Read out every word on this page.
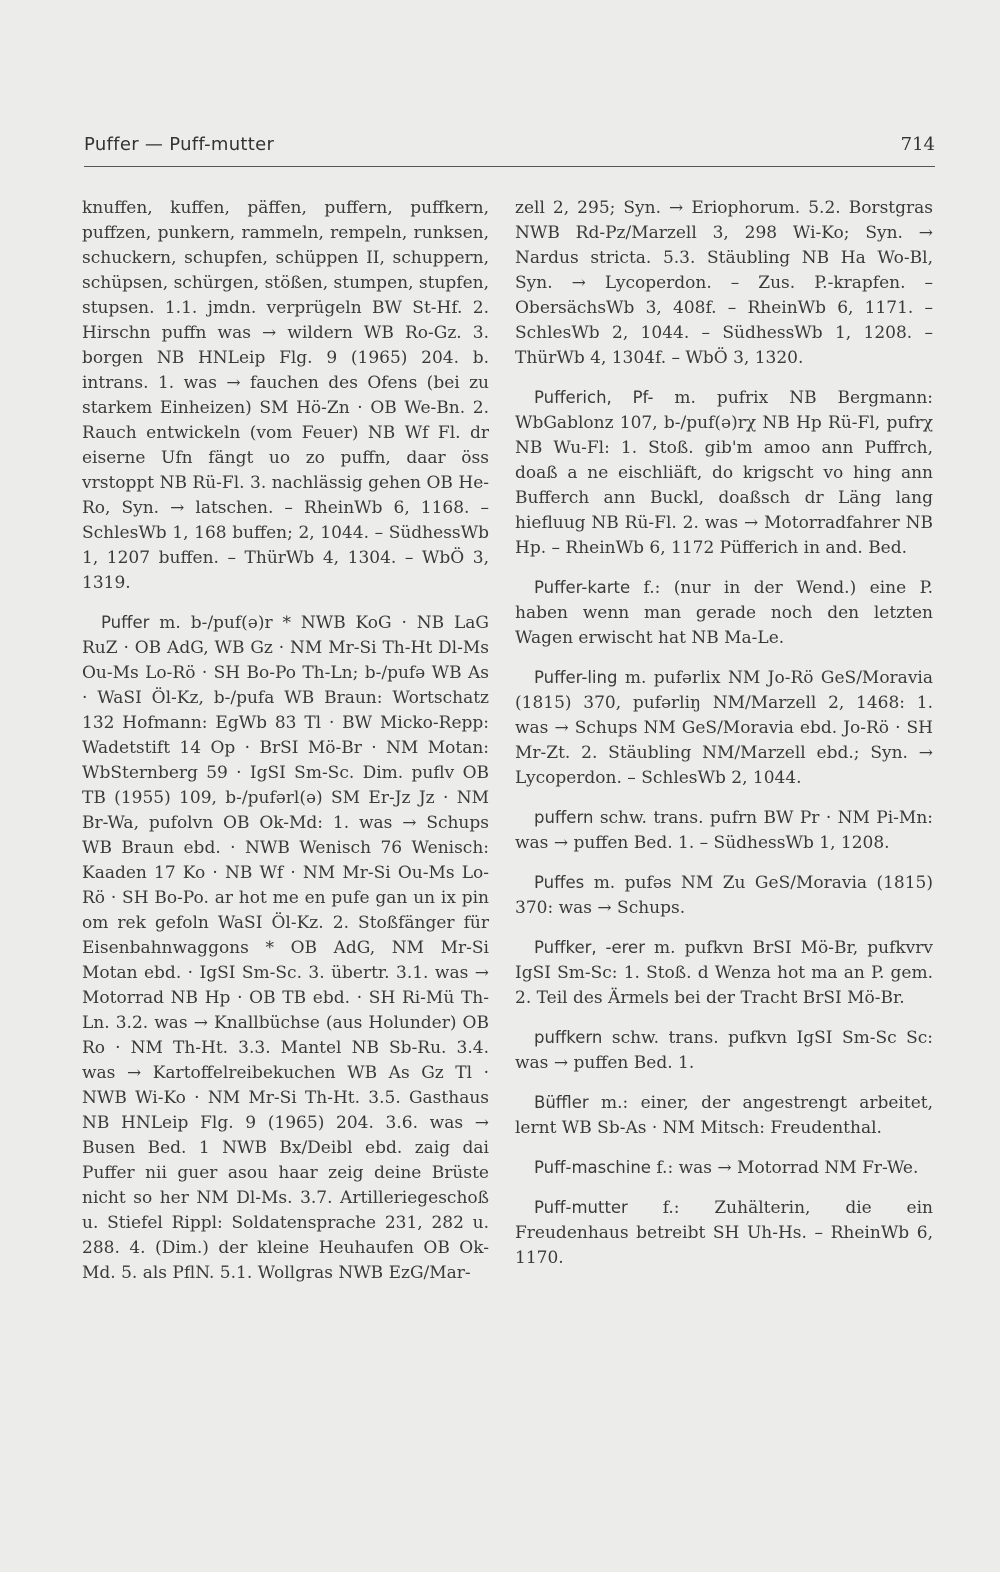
Puffer — Puff-mutter	714

knuffen, kuffen, päffen, puffern, puffkern, puffzen, punkern, rammeln, rempeln, runksen, schuckern, schupfen, schüppen II, schuppern, schüpsen, schürgen, stößen, stumpen, stupfen, stupsen. 1.1. jmdn. verprügeln BW St-Hf. 2. Hirschn puffn was → wildern WB Ro-Gz. 3. borgen NB HNLeip Flg. 9 (1965) 204. b. intrans. 1. was → fauchen des Ofens (bei zu starkem Einheizen) SM Hö-Zn · OB We-Bn. 2. Rauch entwickeln (vom Feuer) NB Wf Fl. dr eiserne Ufn fängt uo zo puffn, daar öss vrstoppt NB Rü-Fl. 3. nachlässig gehen OB He-Ro, Syn. → latschen. – RheinWb 6, 1168. – SchlesWb 1, 168 buffen; 2, 1044. – SüdhessWb 1, 1207 buffen. – ThürWb 4, 1304. – WbÖ 3, 1319.

Puffer m. b-/puf(ə)r * NWB KoG · NB LaG RuZ · OB AdG, WB Gz · NM Mr-Si Th-Ht Dl-Ms Ou-Ms Lo-Rö · SH Bo-Po Th-Ln; b-/pufə WB As · WaSI Öl-Kz, b-/pufa WB Braun: Wortschatz 132 Hofmann: EgWb 83 Tl · BW Micko-Repp: Wadetstift 14 Op · BrSI Mö-Br · NM Motan: WbSternberg 59 · IgSI Sm-Sc. Dim. puflv OB TB (1955) 109, b-/pufərl(ə) SM Er-Jz Jz · NM Br-Wa, pufolvn OB Ok-Md: 1. was → Schups WB Braun ebd. · NWB Wenisch 76 Wenisch: Kaaden 17 Ko · NB Wf · NM Mr-Si Ou-Ms Lo-Rö · SH Bo-Po. ar hot me en pufe gan un ix pin om rek gefoln WaSI Öl-Kz. 2. Stoßfänger für Eisenbahnwaggons * OB AdG, NM Mr-Si Motan ebd. · IgSI Sm-Sc. 3. übertr. 3.1. was → Motorrad NB Hp · OB TB ebd. · SH Ri-Mü Th-Ln. 3.2. was → Knallbüchse (aus Holunder) OB Ro · NM Th-Ht. 3.3. Mantel NB Sb-Ru. 3.4. was → Kartoffelreibekuchen WB As Gz Tl · NWB Wi-Ko · NM Mr-Si Th-Ht. 3.5. Gasthaus NB HNLeip Flg. 9 (1965) 204. 3.6. was → Busen Bed. 1 NWB Bx/Deibl ebd. zaig dai Puffer nii guer asou haar zeig deine Brüste nicht so her NM Dl-Ms. 3.7. Artilleriegeschoß u. Stiefel Rippl: Soldatensprache 231, 282 u. 288. 4. (Dim.) der kleine Heuhaufen OB Ok-Md. 5. als PflN. 5.1. Wollgras NWB EzG/Mar-

zell 2, 295; Syn. → Eriophorum. 5.2. Borstgras NWB Rd-Pz/Marzell 3, 298 Wi-Ko; Syn. → Nardus stricta. 5.3. Stäubling NB Ha Wo-Bl, Syn. → Lycoperdon. – Zus. P.-krapfen. – ObersächsWb 3, 408f. – RheinWb 6, 1171. – SchlesWb 2, 1044. – SüdhessWb 1, 1208. – ThürWb 4, 1304f. – WbÖ 3, 1320.

Pufferich, Pf- m. pufrix NB Bergmann: WbGablonz 107, b-/puf(ə)rχ NB Hp Rü-Fl, pufrχ NB Wu-Fl: 1. Stoß. gib'm amoo ann Puffrch, doaß a ne eischliäft, do krigscht vo hing ann Bufferch ann Buckl, doaßsch dr Läng lang hiefluug NB Rü-Fl. 2. was → Motorradfahrer NB Hp. – RheinWb 6, 1172 Püfferich in and. Bed.

Puffer-karte f.: (nur in der Wend.) eine P. haben wenn man gerade noch den letzten Wagen erwischt hat NB Ma-Le.

Puffer-ling m. pufərlix NM Jo-Rö GeS/Moravia (1815) 370, pufərliŋ NM/Marzell 2, 1468: 1. was → Schups NM GeS/Moravia ebd. Jo-Rö · SH Mr-Zt. 2. Stäubling NM/Marzell ebd.; Syn. → Lycoperdon. – SchlesWb 2, 1044.

puffern schw. trans. pufrn BW Pr · NM Pi-Mn: was → puffen Bed. 1. – SüdhessWb 1, 1208.

Puffes m. pufəs NM Zu GeS/Moravia (1815) 370: was → Schups.

Puffker, -erer m. pufkvn BrSI Mö-Br, pufkvrv IgSI Sm-Sc: 1. Stoß. d Wenza hot ma an P. gem. 2. Teil des Ärmels bei der Tracht BrSI Mö-Br.

puffkern schw. trans. pufkvn IgSI Sm-Sc Sc: was → puffen Bed. 1.

Büffler m.: einer, der angestrengt arbeitet, lernt WB Sb-As · NM Mitsch: Freudenthal.

Puff-maschine f.: was → Motorrad NM Fr-We.

Puff-mutter f.: Zuhälterin, die ein Freudenhaus betreibt SH Uh-Hs. – RheinWb 6, 1170.
